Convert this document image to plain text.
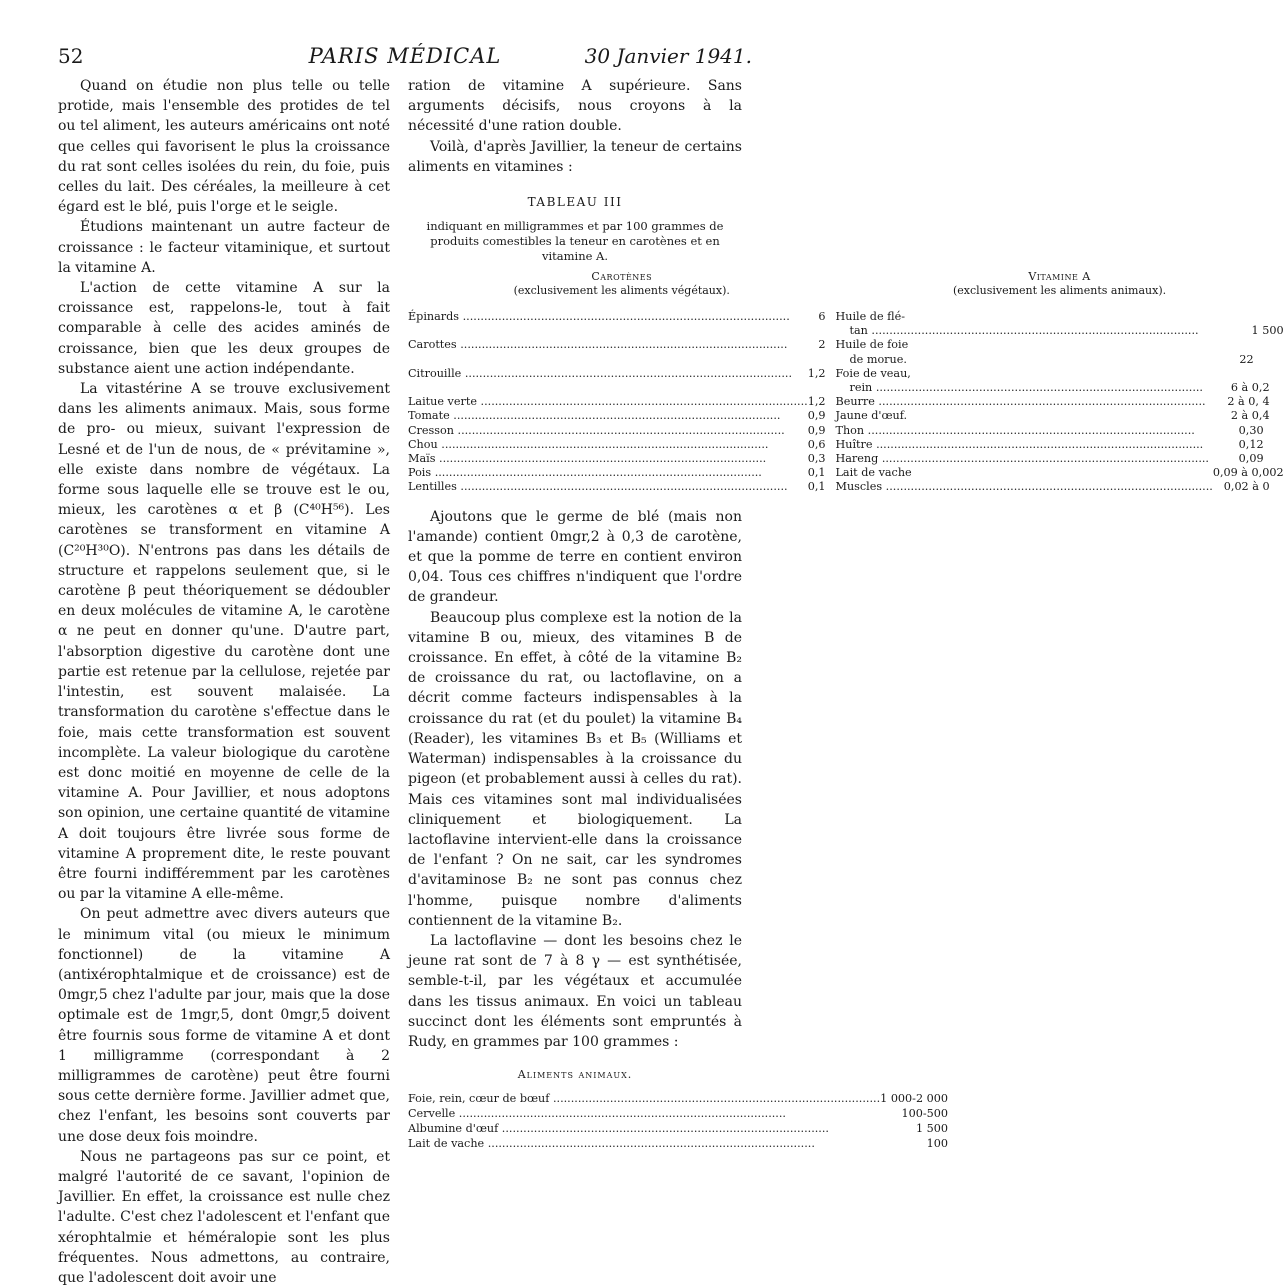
52	PARIS MÉDICAL	30 Janvier 1941.

Quand on étudie non plus telle ou telle protide, mais l'ensemble des protides de tel ou tel aliment, les auteurs américains ont noté que celles qui favorisent le plus la croissance du rat sont celles isolées du rein, du foie, puis celles du lait. Des céréales, la meilleure à cet égard est le blé, puis l'orge et le seigle.

Étudions maintenant un autre facteur de croissance : le facteur vitaminique, et surtout la vitamine A.

L'action de cette vitamine A sur la croissance est, rappelons-le, tout à fait comparable à celle des acides aminés de croissance, bien que les deux groupes de substance aient une action indépendante.

La vitastérine A se trouve exclusivement dans les aliments animaux. Mais, sous forme de pro- ou mieux, suivant l'expression de Lesné et de l'un de nous, de « prévitamine », elle existe dans nombre de végétaux. La forme sous laquelle elle se trouve est le ou, mieux, les carotènes α et β (C⁴⁰H⁵⁶). Les carotènes se transforment en vitamine A (C²⁰H³⁰O). N'entrons pas dans les détails de structure et rappelons seulement que, si le carotène β peut théoriquement se dédoubler en deux molécules de vitamine A, le carotène α ne peut en donner qu'une. D'autre part, l'absorption digestive du carotène dont une partie est retenue par la cellulose, rejetée par l'intestin, est souvent malaisée. La transformation du carotène s'effectue dans le foie, mais cette transformation est souvent incomplète. La valeur biologique du carotène est donc moitié en moyenne de celle de la vitamine A. Pour Javillier, et nous adoptons son opinion, une certaine quantité de vitamine A doit toujours être livrée sous forme de vitamine A proprement dite, le reste pouvant être fourni indifféremment par les carotènes ou par la vitamine A elle-même.

On peut admettre avec divers auteurs que le minimum vital (ou mieux le minimum fonctionnel) de la vitamine A (antixérophtalmique et de croissance) est de 0mgr,5 chez l'adulte par jour, mais que la dose optimale est de 1mgr,5, dont 0mgr,5 doivent être fournis sous forme de vitamine A et dont 1 milligramme (correspondant à 2 milligrammes de carotène) peut être fourni sous cette dernière forme. Javillier admet que, chez l'enfant, les besoins sont couverts par une dose deux fois moindre.

Nous ne partageons pas sur ce point, et malgré l'autorité de ce savant, l'opinion de Javillier. En effet, la croissance est nulle chez l'adulte. C'est chez l'adolescent et l'enfant que xérophtalmie et héméralopie sont les plus fréquentes. Nous admettons, au contraire, que l'adolescent doit avoir une

ration de vitamine A supérieure. Sans arguments décisifs, nous croyons à la nécessité d'une ration double.

Voilà, d'après Javillier, la teneur de certains aliments en vitamines :

TABLEAU III
indiquant en milligrammes et par 100 grammes de produits comestibles la teneur en carotènes et en vitamine A.
Carotènes
(exclusivement les aliments végétaux).		Vitamine A
(exclusivement les aliments animaux).	

Épinards .....	6	Huile de flé-	

		tan .....	1 500

Carottes .....	2	Huile de foie	
		de morue.	22

Citrouille .....	1,2	Foie de veau,	

		rein .....	6 à 0,2

Laitue verte .....	1,2	Beurre .....	2 à 0, 4

Tomate .....	0,9	Jaune d'œuf.	2 à 0,4

Cresson .....	0,9	Thon .....	0,30

Chou .....	0,6	Huître .....	0,12

Maïs .....	0,3	Hareng .....	0,09

Pois .....	0,1	Lait de vache	0,09 à 0,002

Lentilles .....	0,1	Muscles .....	0,02 à 0

Ajoutons que le germe de blé (mais non l'amande) contient 0mgr,2 à 0,3 de carotène, et que la pomme de terre en contient environ 0,04. Tous ces chiffres n'indiquent que l'ordre de grandeur.

Beaucoup plus complexe est la notion de la vitamine B ou, mieux, des vitamines B de croissance. En effet, à côté de la vitamine B₂ de croissance du rat, ou lactoflavine, on a décrit comme facteurs indispensables à la croissance du rat (et du poulet) la vitamine B₄ (Reader), les vitamines B₃ et B₅ (Williams et Waterman) indispensables à la croissance du pigeon (et probablement aussi à celles du rat). Mais ces vitamines sont mal individualisées cliniquement et biologiquement. La lactoflavine intervient-elle dans la croissance de l'enfant ? On ne sait, car les syndromes d'avitaminose B₂ ne sont pas connus chez l'homme, puisque nombre d'aliments contiennent de la vitamine B₂.

La lactoflavine — dont les besoins chez le jeune rat sont de 7 à 8 γ — est synthétisée, semble-t-il, par les végétaux et accumulée dans les tissus animaux. En voici un tableau succinct dont les éléments sont empruntés à Rudy, en grammes par 100 grammes :

Aliments animaux.
Foie, rein, cœur de bœuf .....	1 000-2 000

Cervelle .....	100-500

Albumine d'œuf .....	1 500

Lait de vache .....	100
